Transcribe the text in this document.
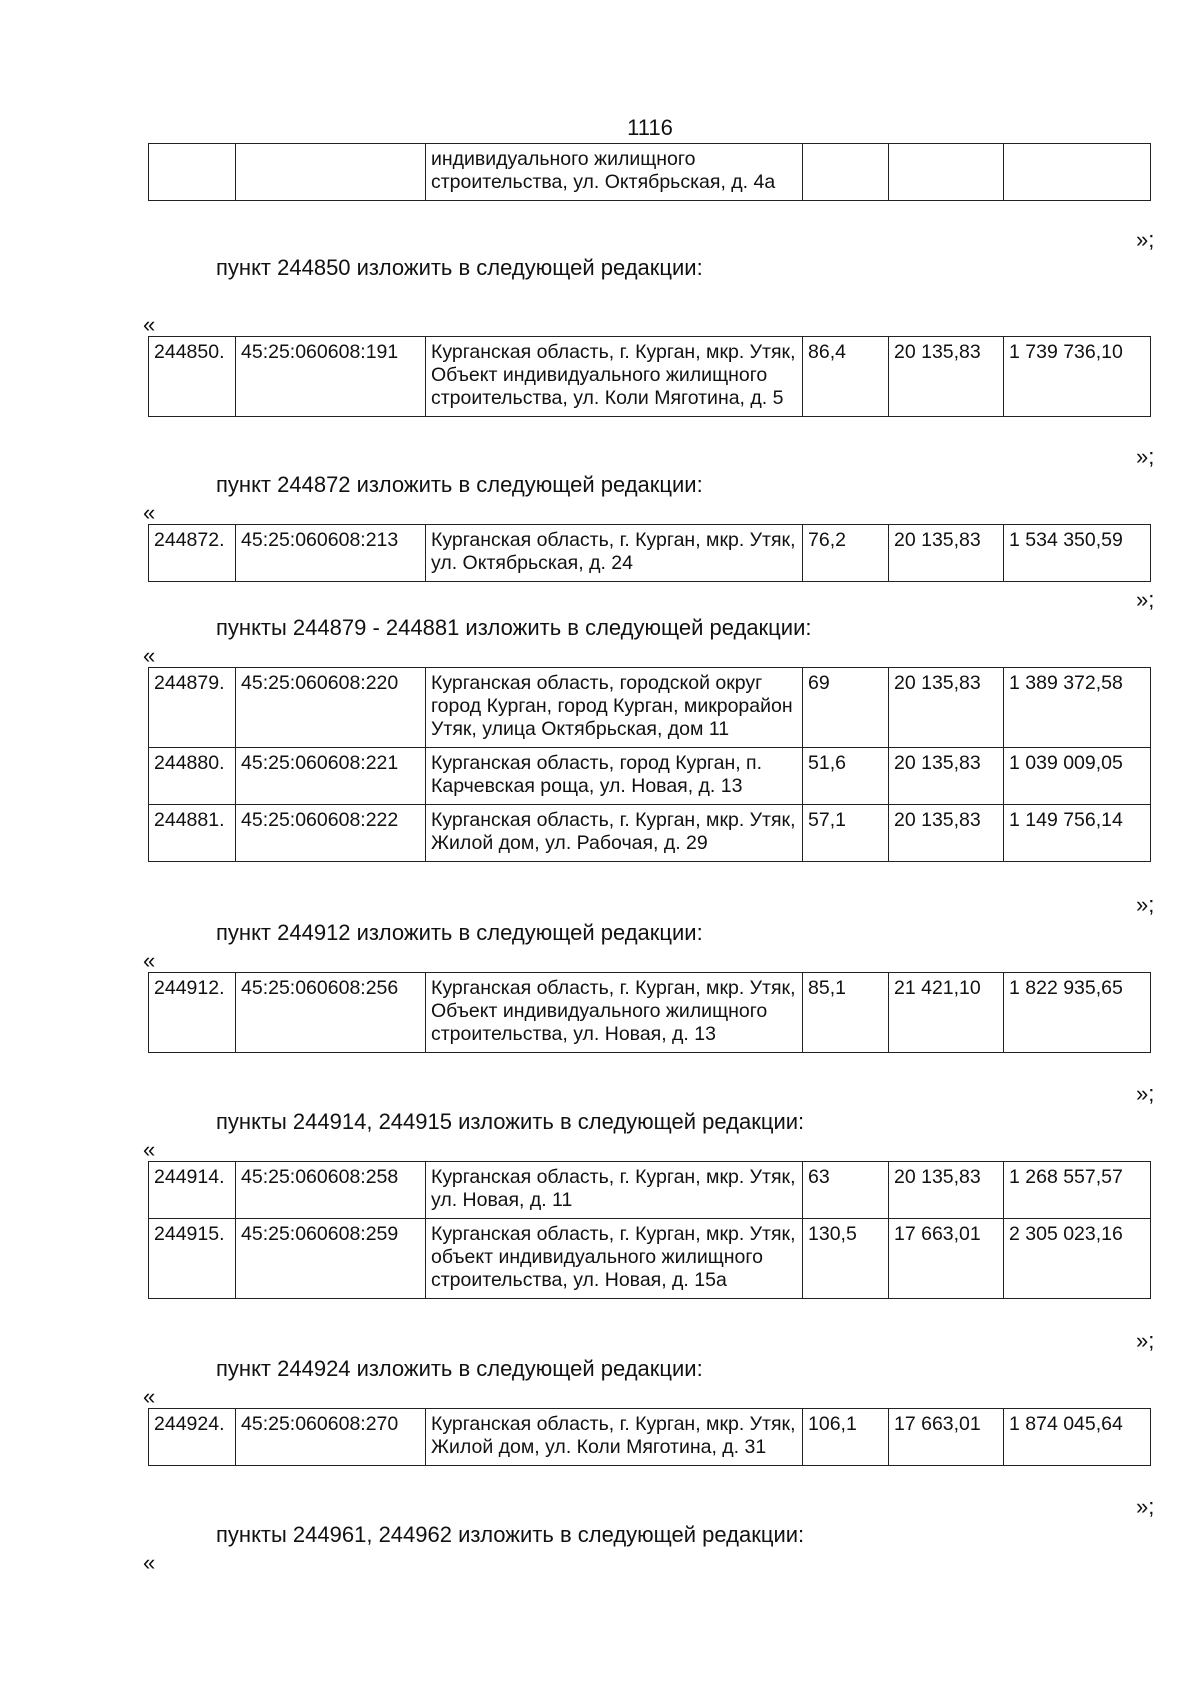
1116
		индивидуального жилищного строительства, ул. Октябрьская, д. 4а			
»;
пункт 244850 изложить в следующей редакции:
«
244850.	45:25:060608:191	Курганская область, г. Курган, мкр. Утяк, Объект индивидуального жилищного строительства, ул. Коли Мяготина, д. 5	86,4	20 135,83	1 739 736,10
»;
пункт 244872 изложить в следующей редакции:
«
244872.	45:25:060608:213	Курганская область, г. Курган, мкр. Утяк, ул. Октябрьская, д. 24	76,2	20 135,83	1 534 350,59
»;
пункты 244879 - 244881 изложить в следующей редакции:
«
244879.	45:25:060608:220	Курганская область, городской округ город Курган, город Курган, микрорайон Утяк, улица Октябрьская, дом 11	69	20 135,83	1 389 372,58
244880.	45:25:060608:221	Курганская область, город Курган, п. Карчевская роща, ул. Новая, д. 13	51,6	20 135,83	1 039 009,05
244881.	45:25:060608:222	Курганская область, г. Курган, мкр. Утяк, Жилой дом, ул. Рабочая, д. 29	57,1	20 135,83	1 149 756,14
»;
пункт 244912 изложить в следующей редакции:
«
244912.	45:25:060608:256	Курганская область, г. Курган, мкр. Утяк, Объект индивидуального жилищного строительства, ул. Новая, д. 13	85,1	21 421,10	1 822 935,65
»;
пункты 244914, 244915 изложить в следующей редакции:
«
244914.	45:25:060608:258	Курганская область, г. Курган, мкр. Утяк, ул. Новая, д. 11	63	20 135,83	1 268 557,57
244915.	45:25:060608:259	Курганская область, г. Курган, мкр. Утяк, объект индивидуального жилищного строительства, ул. Новая, д. 15а	130,5	17 663,01	2 305 023,16
»;
пункт 244924 изложить в следующей редакции:
«
244924.	45:25:060608:270	Курганская область, г. Курган, мкр. Утяк, Жилой дом, ул. Коли Мяготина, д. 31	106,1	17 663,01	1 874 045,64
»;
пункты 244961, 244962 изложить в следующей редакции:
«
